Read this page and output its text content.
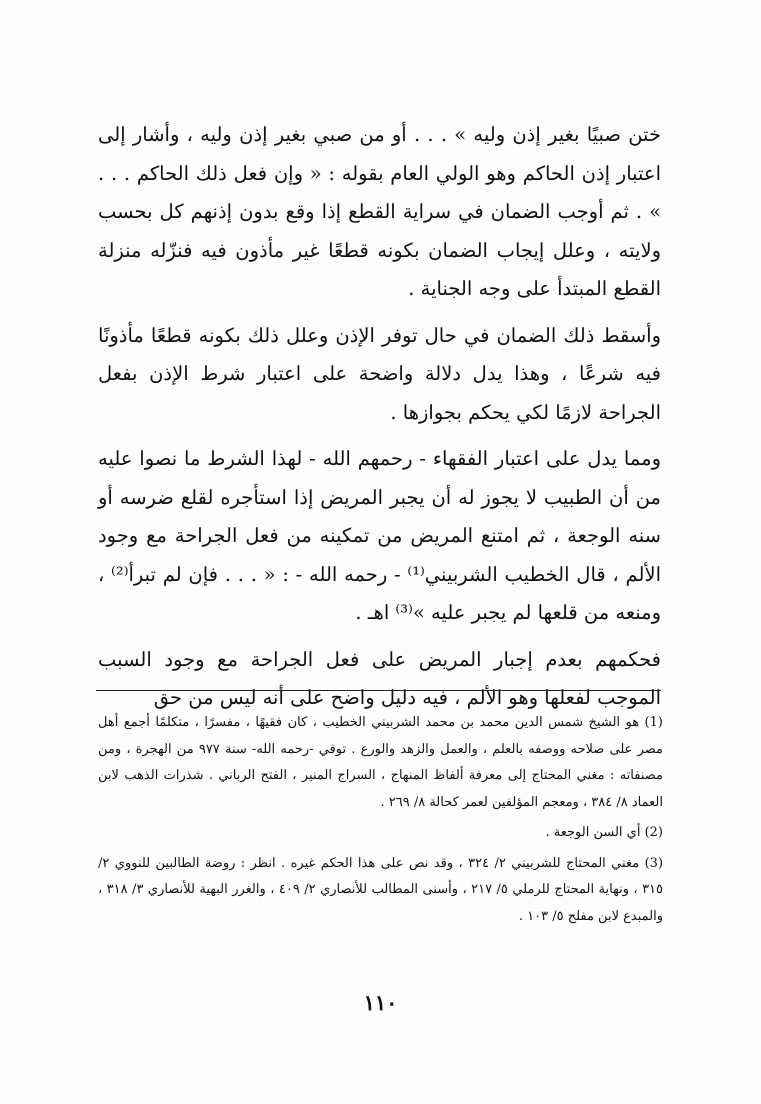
ختن صبيًا بغير إذن وليه » . . . أو من صبي بغير إذن وليه ، وأشار إلى اعتبار إذن الحاكم وهو الولي العام بقوله : « وإن فعل ذلك الحاكم . . . » . ثم أوجب الضمان في سراية القطع إذا وقع بدون إذنهم كل بحسب ولايته ، وعلل إيجاب الضمان بكونه قطعًا غير مأذون فيه فنزّله منزلة القطع المبتدأ على وجه الجناية .

وأسقط ذلك الضمان في حال توفر الإذن وعلل ذلك بكونه قطعًا مأذونًا فيه شرعًا ، وهذا يدل دلالة واضحة على اعتبار شرط الإذن بفعل الجراحة لازمًا لكي يحكم بجوازها .

ومما يدل على اعتبار الفقهاء - رحمهم الله - لهذا الشرط ما نصوا عليه من أن الطبيب لا يجوز له أن يجبر المريض إذا استأجره لقلع ضرسه أو سنه الوجعة ، ثم امتنع المريض من تمكينه من فعل الجراحة مع وجود الألم ، قال الخطيب الشربيني⁽¹⁾ - رحمه الله - : « . . . فإن لم تبرأ⁽²⁾ ، ومنعه من قلعها لم يجبر عليه »⁽³⁾ اهـ .

فحكمهم بعدم إجبار المريض على فعل الجراحة مع وجود السبب الموجب لفعلها وهو الألم ، فيه دليل واضح على أنه ليس من حق

(1) هو الشيخ شمس الدين محمد بن محمد الشربيني الخطيب ، كان فقيهًا ، مفسرًا ، متكلمًا أجمع أهل مصر على صلاحه ووصفه بالعلم ، والعمل والزهد والورع . توفي -رحمه الله- سنة ٩٧٧ من الهجرة ، ومن مصنفاته : مغني المحتاج إلى معرفة ألفاظ المنهاج ، السراج المنير ، الفتح الرباني . شذرات الذهب لابن العماد ٨/ ٣٨٤ ، ومعجم المؤلفين لعمر كحالة ٨/ ٢٦٩ .

(2) أي السن الوجعة .

(3) مغني المحتاج للشربيني ٢/ ٣٢٤ ، وقد نص على هذا الحكم غيره . انظر : روضة الطالبين للنووي ٢/ ٣١٥ ، ونهاية المحتاج للرملي ٥/ ٢١٧ ، وأسنى المطالب للأنصاري ٢/ ٤٠٩ ، والغرر البهية للأنصاري ٣/ ٣١٨ ، والمبدع لابن مفلح ٥/ ١٠٣ .

١١٠
